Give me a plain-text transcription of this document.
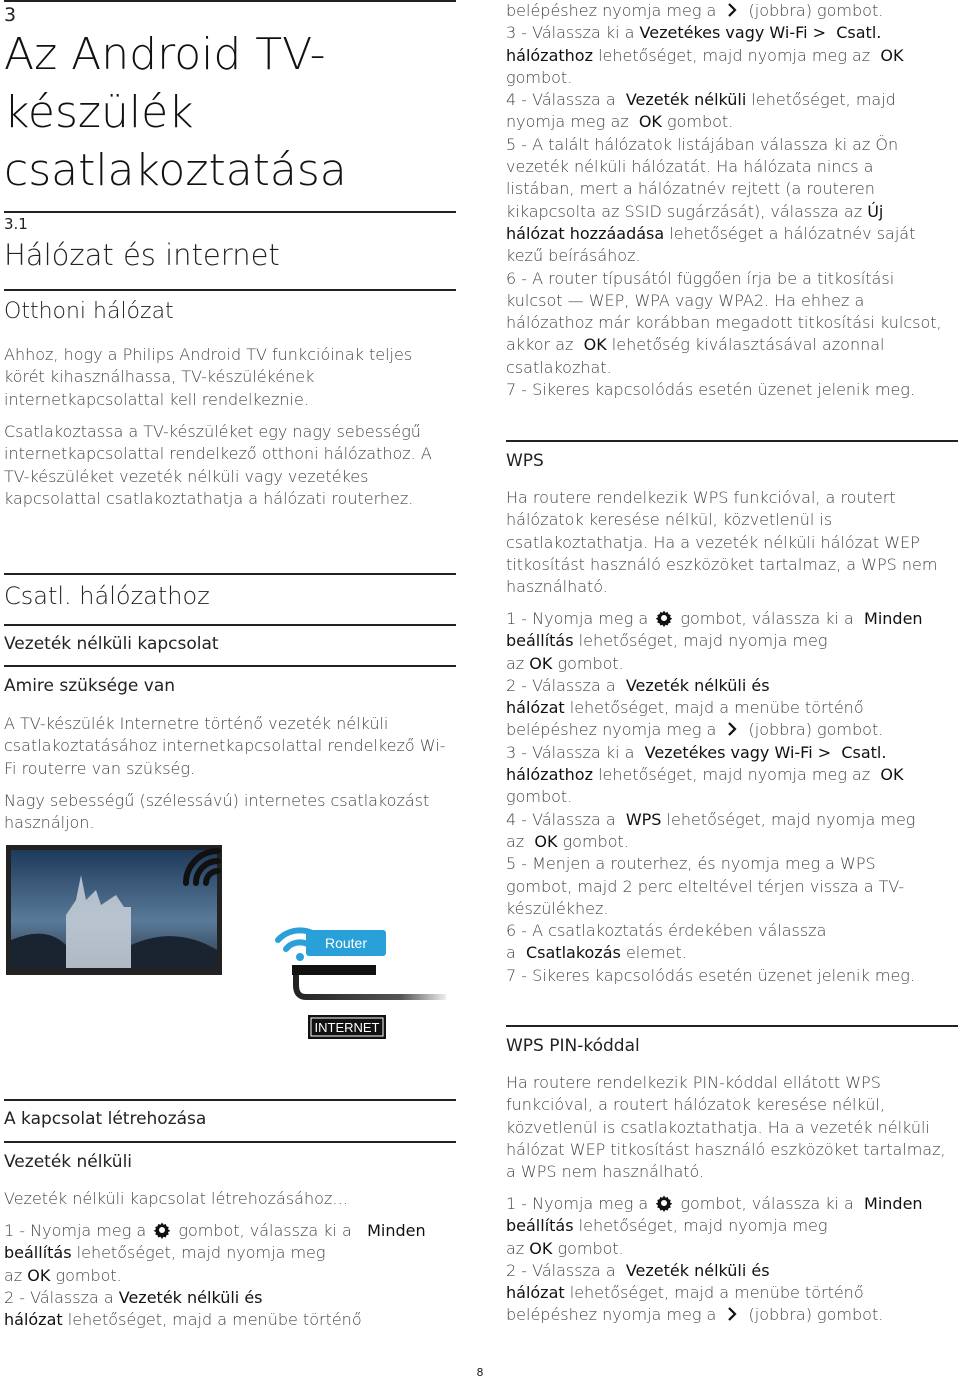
3
Az Android TV-
készülék
csatlakoztatása
3.1
Hálózat és internet
Otthoni hálózat
Ahhoz, hogy a Philips Android TV funkcióinak teljes körét kihasználhassa, TV-készülékének internetkapcsolattal kell rendelkeznie.
Csatlakoztassa a TV-készüléket egy nagy sebességű internetkapcsolattal rendelkező otthoni hálózathoz. A TV-készüléket vezeték nélküli vagy vezetékes kapcsolattal csatlakoztathatja a hálózati routerhez.
Csatl. hálózathoz
Vezeték nélküli kapcsolat
Amire szüksége van
A TV-készülék Internetre történő vezeték nélküli csatlakoztatásához internetkapcsolattal rendelkező Wi-Fi routerre van szükség.
Nagy sebességű (szélessávú) internetes csatlakozást használjon.
A kapcsolat létrehozása
Vezeték nélküli
Vezeték nélküli kapcsolat létrehozásához…
1 - Nyomja meg a gombot, válassza ki a Minden
beállítás lehetőséget, majd nyomja meg
az OK gombot.
2 - Válassza a Vezeték nélküli és
hálózat lehetőséget, majd a menübe történő
Router
INTERNET
belépéshez nyomja meg a (jobbra) gombot.
3 - Válassza ki a Vezetékes vagy Wi-Fi > Csatl.
hálózathoz lehetőséget, majd nyomja meg az OK
gombot.
4 - Válassza a Vezeték nélküli lehetőséget, majd
nyomja meg az OK gombot.
5 - A talált hálózatok listájában válassza ki az Ön
vezeték nélküli hálózatát. Ha hálózata nincs a
listában, mert a hálózatnév rejtett (a routeren
kikapcsolta az SSID sugárzását), válassza az Új
hálózat hozzáadása lehetőséget a hálózatnév saját
kezű beírásához.
6 - A router típusától függően írja be a titkosítási
kulcsot — WEP, WPA vagy WPA2. Ha ehhez a
hálózathoz már korábban megadott titkosítási kulcsot,
akkor az OK lehetőség kiválasztásával azonnal
csatlakozhat.
7 - Sikeres kapcsolódás esetén üzenet jelenik meg.
WPS
Ha routere rendelkezik WPS funkcióval, a routert hálózatok keresése nélkül, közvetlenül is csatlakoztathatja. Ha a vezeték nélküli hálózat WEP titkosítást használó eszközöket tartalmaz, a WPS nem használható.
1 - Nyomja meg a gombot, válassza ki a Minden
beállítás lehetőséget, majd nyomja meg
az OK gombot.
2 - Válassza a Vezeték nélküli és
hálózat lehetőséget, majd a menübe történő
belépéshez nyomja meg a (jobbra) gombot.
3 - Válassza ki a Vezetékes vagy Wi-Fi > Csatl.
hálózathoz lehetőséget, majd nyomja meg az OK
gombot.
4 - Válassza a WPS lehetőséget, majd nyomja meg
az OK gombot.
5 - Menjen a routerhez, és nyomja meg a WPS
gombot, majd 2 perc elteltével térjen vissza a TV-
készülékhez.
6 - A csatlakoztatás érdekében válassza
a Csatlakozás elemet.
7 - Sikeres kapcsolódás esetén üzenet jelenik meg.
WPS PIN-kóddal
Ha routere rendelkezik PIN-kóddal ellátott WPS funkcióval, a routert hálózatok keresése nélkül, közvetlenül is csatlakoztathatja. Ha a vezeték nélküli hálózat WEP titkosítást használó eszközöket tartalmaz, a WPS nem használható.
1 - Nyomja meg a gombot, válassza ki a Minden
beállítás lehetőséget, majd nyomja meg
az OK gombot.
2 - Válassza a Vezeték nélküli és
hálózat lehetőséget, majd a menübe történő
belépéshez nyomja meg a (jobbra) gombot.
8
